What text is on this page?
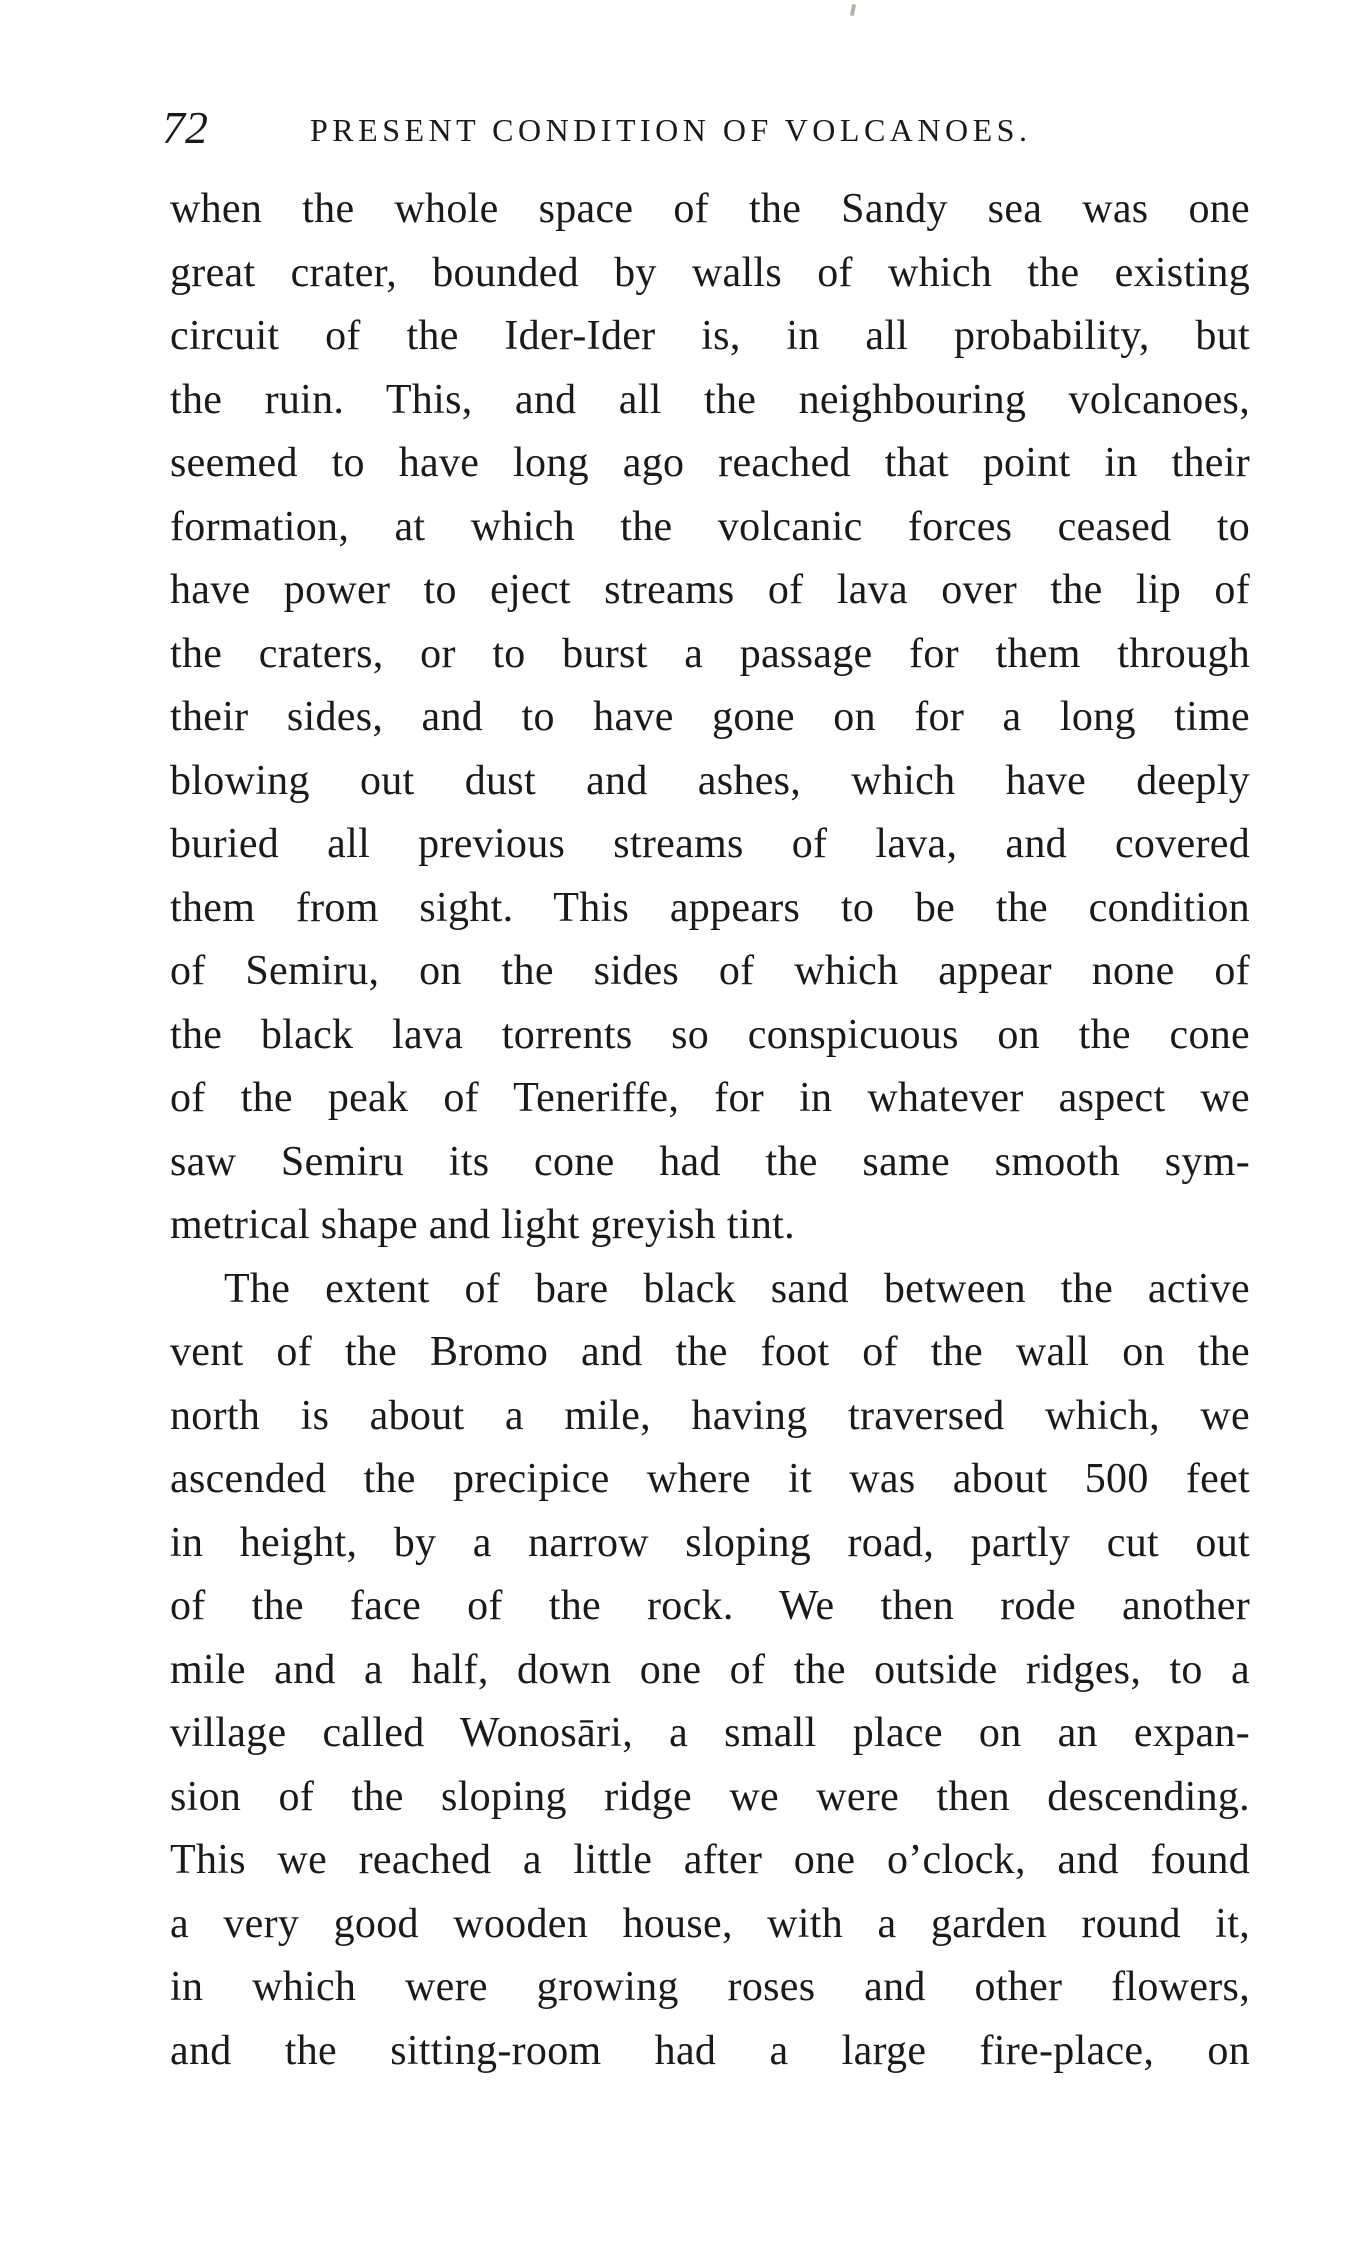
72	PRESENT CONDITION OF VOLCANOES.
when the whole space of the Sandy sea was one
great crater, bounded by walls of which the existing
circuit of the Ider-Ider is, in all probability, but
the ruin. This, and all the neighbouring volcanoes,
seemed to have long ago reached that point in their
formation, at which the volcanic forces ceased to
have power to eject streams of lava over the lip of
the craters, or to burst a passage for them through
their sides, and to have gone on for a long time
blowing out dust and ashes, which have deeply
buried all previous streams of lava, and covered
them from sight. This appears to be the condition
of Semiru, on the sides of which appear none of
the black lava torrents so conspicuous on the cone
of the peak of Teneriffe, for in whatever aspect we
saw Semiru its cone had the same smooth sym-
metrical shape and light greyish tint.
The extent of bare black sand between the active
vent of the Bromo and the foot of the wall on the
north is about a mile, having traversed which, we
ascended the precipice where it was about 500 feet
in height, by a narrow sloping road, partly cut out
of the face of the rock. We then rode another
mile and a half, down one of the outside ridges, to a
village called Wonosāri, a small place on an expan-
sion of the sloping ridge we were then descending.
This we reached a little after one o’clock, and found
a very good wooden house, with a garden round it,
in which were growing roses and other flowers,
and the sitting-room had a large fire-place, on
